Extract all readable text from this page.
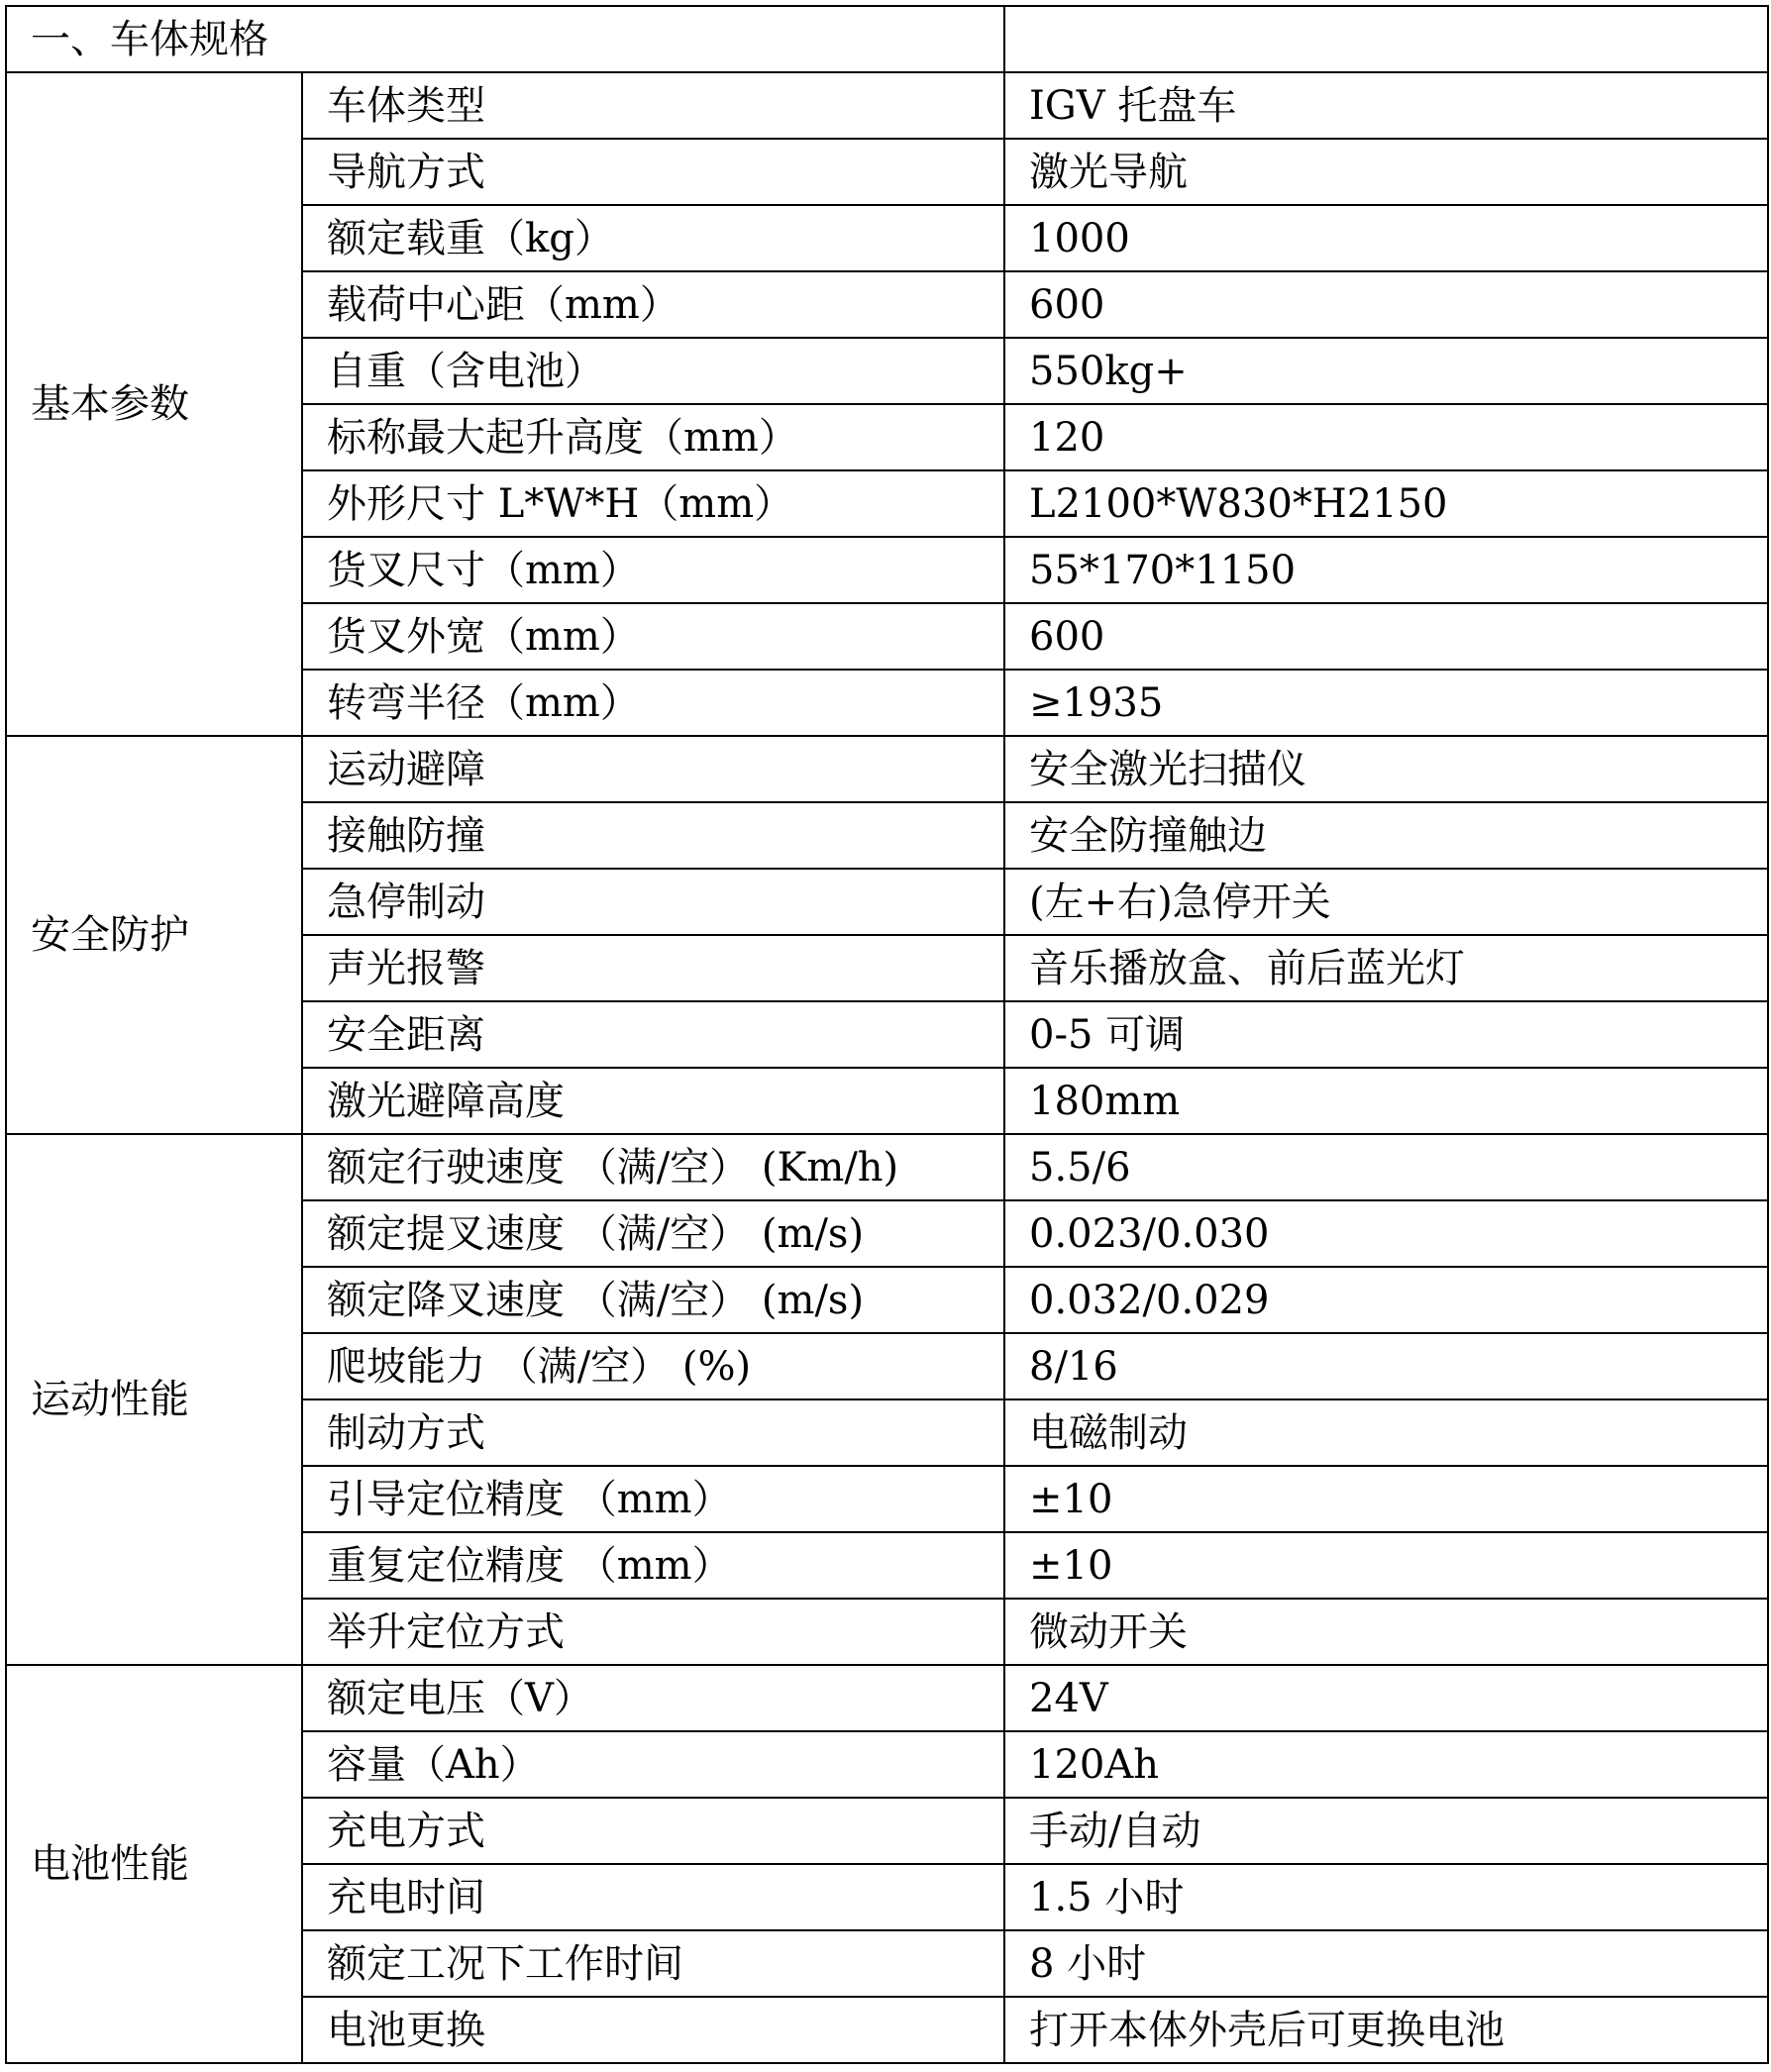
一、车体规格		
基本参数	车体类型	IGV 托盘车
	导航方式	激光导航
	额定载重（kg）	1000
	载荷中心距（mm）	600
	自重（含电池）	550kg+
	标称最大起升高度（mm）	120
	外形尺寸 L*W*H（mm）	L2100*W830*H2150
	货叉尺寸（mm）	55*170*1150
	货叉外宽（mm）	600
	转弯半径（mm）	≥1935
安全防护	运动避障	安全激光扫描仪
	接触防撞	安全防撞触边
	急停制动	(左+右)急停开关
	声光报警	音乐播放盒、前后蓝光灯
	安全距离	0-5 可调
	激光避障高度	180mm
运动性能	额定行驶速度 （满/空） (Km/h)	5.5/6
	额定提叉速度 （满/空） (m/s)	0.023/0.030
	额定降叉速度 （满/空） (m/s)	0.032/0.029
	爬坡能力 （满/空） (%)	8/16
	制动方式	电磁制动
	引导定位精度 （mm）	±10
	重复定位精度 （mm）	±10
	举升定位方式	微动开关
电池性能	额定电压（V）	24V
	容量（Ah）	120Ah
	充电方式	手动/自动
	充电时间	1.5 小时
	额定工况下工作时间	8 小时
	电池更换	打开本体外壳后可更换电池
